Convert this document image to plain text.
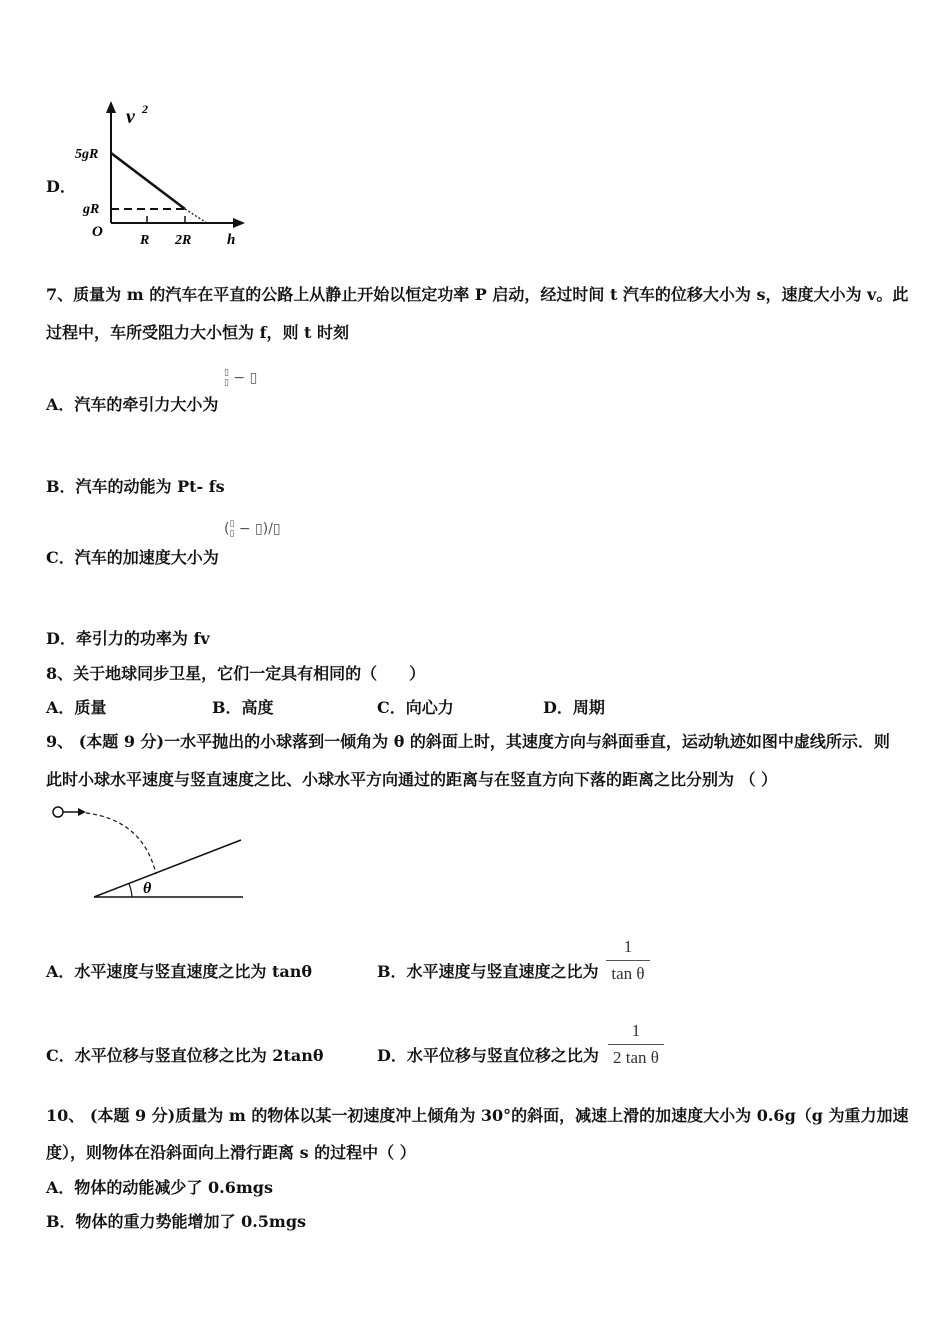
D．
v 2
5gR
gR
O
R 2R h
7、质量为 m 的汽车在平直的公路上从静止开始以恒定功率 P 启动，经过时间 t 汽车的位移大小为 s，速度大小为 v。此
过程中，车所受阻力大小恒为 f，则 t 时刻
▯
▯ − ▯
A．汽车的牵引力大小为
B．汽车的动能为 Pt- fs
(▯
▯ − ▯)/▯
C．汽车的加速度大小为
D．牵引力的功率为 fv
8、关于地球同步卫星，它们一定具有相同的（　　）
A．质量	B．高度	C．向心力	D．周期
9、 (本题 9 分)一水平抛出的小球落到一倾角为 θ 的斜面上时，其速度方向与斜面垂直，运动轨迹如图中虚线所示．则
此时小球水平速度与竖直速度之比、小球水平方向通过的距离与在竖直方向下落的距离之比分别为 （ ）
θ
A．水平速度与竖直速度之比为 tanθ	B．水平速度与竖直速度之比为
1
tan θ
C．水平位移与竖直位移之比为 2tanθ	D．水平位移与竖直位移之比为
1
2 tan θ
10、 (本题 9 分)质量为 m 的物体以某一初速度冲上倾角为 30°的斜面，减速上滑的加速度大小为 0.6g（g 为重力加速
度），则物体在沿斜面向上滑行距离 s 的过程中（ ）
A．物体的动能减少了 0.6mgs
B．物体的重力势能增加了 0.5mgs
